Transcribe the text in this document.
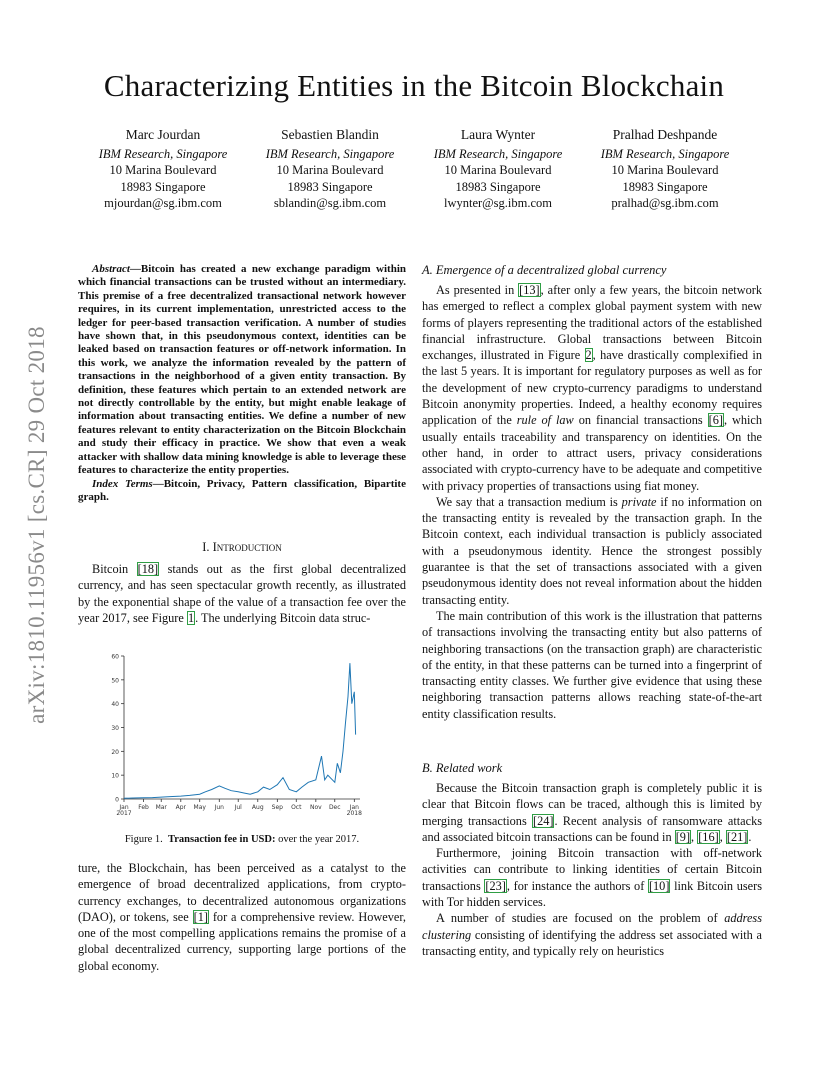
Characterizing Entities in the Bitcoin Blockchain
Marc Jourdan
IBM Research, Singapore
10 Marina Boulevard
18983 Singapore
mjourdan@sg.ibm.com
Sebastien Blandin
IBM Research, Singapore
10 Marina Boulevard
18983 Singapore
sblandin@sg.ibm.com
Laura Wynter
IBM Research, Singapore
10 Marina Boulevard
18983 Singapore
lwynter@sg.ibm.com
Pralhad Deshpande
IBM Research, Singapore
10 Marina Boulevard
18983 Singapore
pralhad@sg.ibm.com
arXiv:1810.11956v1 [cs.CR] 29 Oct 2018

Abstract—Bitcoin has created a new exchange paradigm within which financial transactions can be trusted without an intermediary. This premise of a free decentralized transactional network however requires, in its current implementation, unrestricted access to the ledger for peer-based transaction verification. A number of studies have shown that, in this pseudonymous context, identities can be leaked based on transaction features or off-network information. In this work, we analyze the information revealed by the pattern of transactions in the neighborhood of a given entity transaction. By definition, these features which pertain to an extended network are not directly controllable by the entity, but might enable leakage of information about transacting entities. We define a number of new features relevant to entity characterization on the Bitcoin Blockchain and study their efficacy in practice. We show that even a weak attacker with shallow data mining knowledge is able to leverage these features to characterize the entity properties.

Index Terms—Bitcoin, Privacy, Pattern classification, Bipartite graph.

I. Introduction

Bitcoin [18] stands out as the first global decentralized currency, and has seen spectacular growth recently, as illustrated by the exponential shape of the value of a transaction fee over the year 2017, see Figure 1. The underlying Bitcoin data struc-

0
10
20
30
40
50
60
Jan
2017
Feb Mar Apr May Jun Jul Aug Sep Oct Nov Dec Jan
2018
Figure 1. Transaction fee in USD: over the year 2017.

ture, the Blockchain, has been perceived as a catalyst to the emergence of broad decentralized applications, from crypto-currency exchanges, to decentralized autonomous organizations (DAO), or tokens, see [1] for a comprehensive review. However, one of the most compelling applications remains the promise of a global decentralized currency, supporting large portions of the global economy.

A. Emergence of a decentralized global currency

As presented in [13], after only a few years, the bitcoin network has emerged to reflect a complex global payment system with new forms of players representing the traditional actors of the established financial infrastructure. Global transactions between Bitcoin exchanges, illustrated in Figure 2, have drastically complexified in the last 5 years. It is important for regulatory purposes as well as for the development of new crypto-currency paradigms to understand Bitcoin anonymity properties. Indeed, a healthy economy requires application of the rule of law on financial transactions [6], which usually entails traceability and transparency on identities. On the other hand, in order to attract users, privacy considerations associated with crypto-currency have to be adequate and competitive with privacy properties of transactions using fiat money.

We say that a transaction medium is private if no information on the transacting entity is revealed by the transaction graph. In the Bitcoin context, each individual transaction is publicly associated with a pseudonymous identity. Hence the strongest possibly guarantee is that the set of transactions associated with a given pseudonymous identity does not reveal information about the hidden transacting entity.

The main contribution of this work is the illustration that patterns of transactions involving the transacting entity but also patterns of neighboring transactions (on the transaction graph) are characteristic of the entity, in that these patterns can be turned into a fingerprint of transacting entity classes. We further give evidence that using these neighboring transaction patterns allows reaching state-of-the-art entity classification results.

B. Related work

Because the Bitcoin transaction graph is completely public it is clear that Bitcoin flows can be traced, although this is limited by merging transactions [24]. Recent analysis of ransomware attacks and associated bitcoin transactions can be found in [9], [16], [21].

Furthermore, joining Bitcoin transaction with off-network activities can contribute to linking identities of certain Bitcoin transactions [23], for instance the authors of [10] link Bitcoin users with Tor hidden services.

A number of studies are focused on the problem of address clustering consisting of identifying the address set associated with a transacting entity, and typically rely on heuristics
